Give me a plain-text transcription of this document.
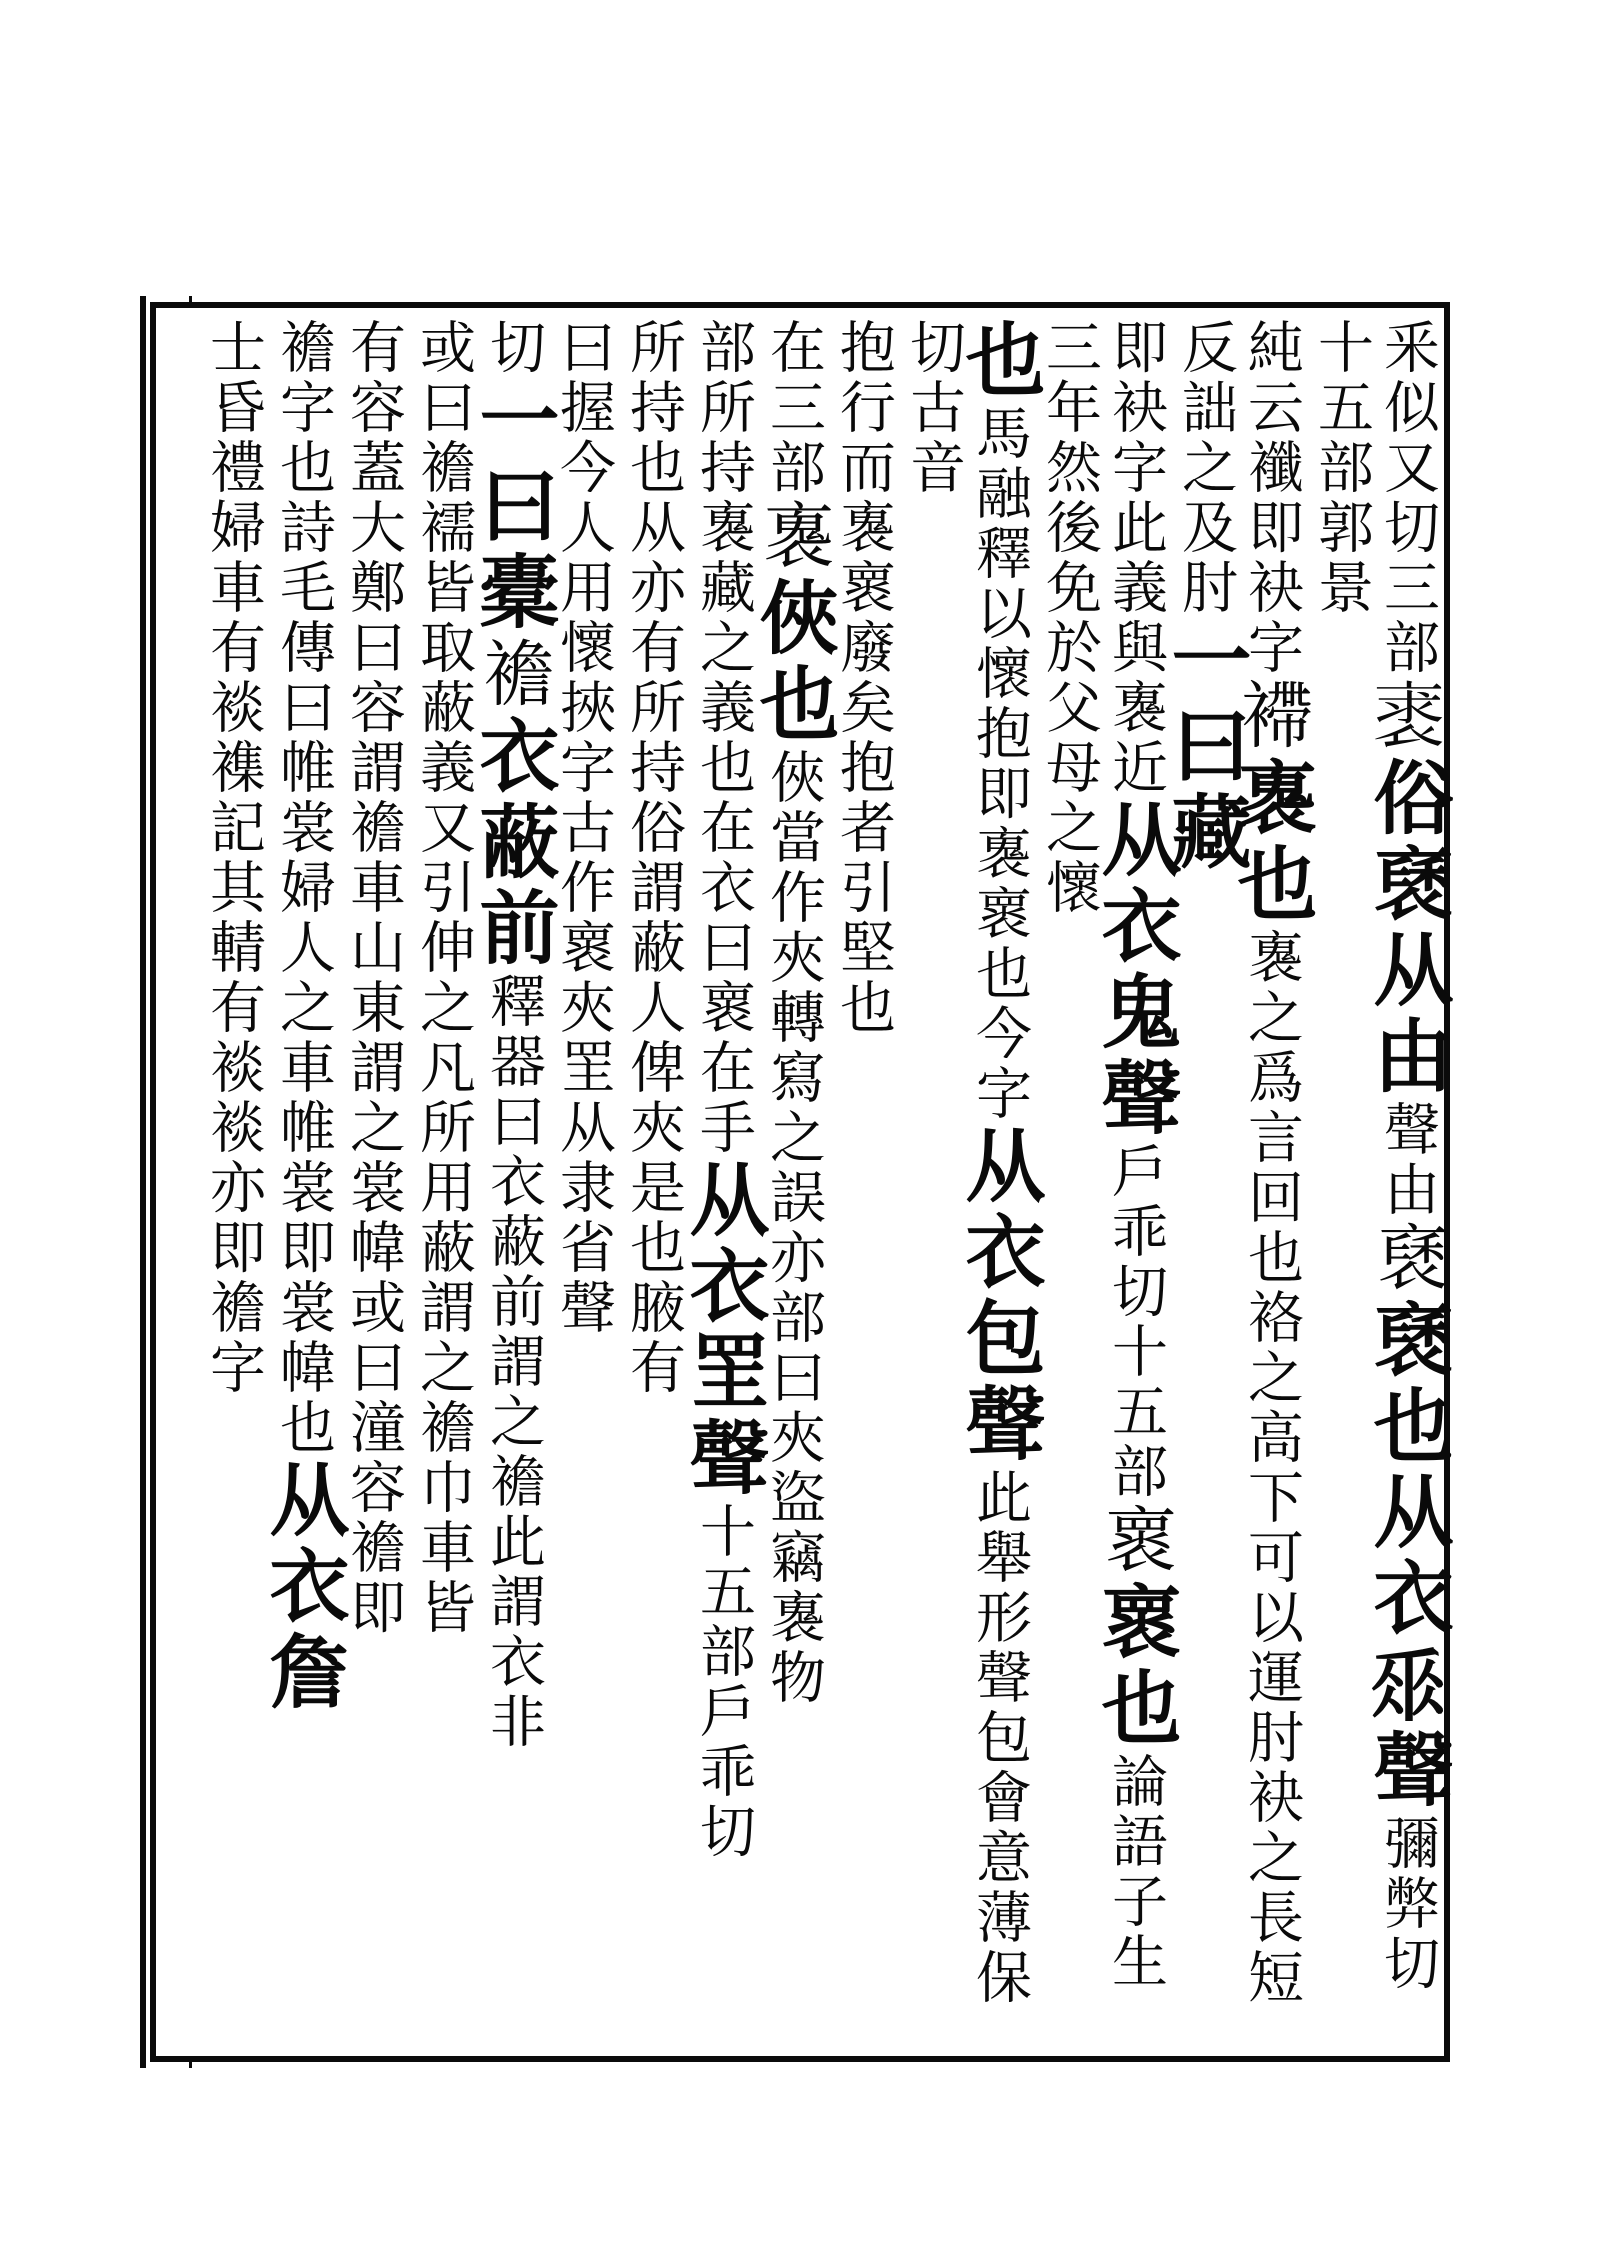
釆似又切三部𧚍俗褎从由聲由褎褎也从衣𠂹聲彌弊切十五部郭景
純云襳即袂字𧜵褢也褢之爲言回也袼之高下可以運肘袂之長短反詘之及肘一曰藏
即袂字此義與褢近从衣鬼聲戶乖切十五部褱褱也論語子生三年然後免於父母之懷
也馬融釋以懷抱即褢褱也今字从衣包聲此舉形聲包會意薄保切古音
抱行而褢褱廢矣抱者引堅也
在三部褢俠也俠當作夾轉寫之誤亦部曰夾盜竊褢物
部所持褢藏之義也在衣曰褱在手从衣罜聲十五部戶乖切
所持也从亦有所持俗謂蔽人俾夾是也腋有
曰握今人用懷挾字古作褱夾罜从隶省聲
切一曰橐襜衣蔽前釋器曰衣蔽前謂之襜此謂衣非
或曰襜襦皆取蔽義又引伸之凡所用蔽謂之襜巾車皆
有容蓋大鄭曰容謂襜車山東謂之裳幃或曰潼容襜即
襜字也詩毛傳曰帷裳婦人之車帷裳即裳幃也从衣詹
士昏禮婦車有裧襍記其輤有裧裧亦即襜字
